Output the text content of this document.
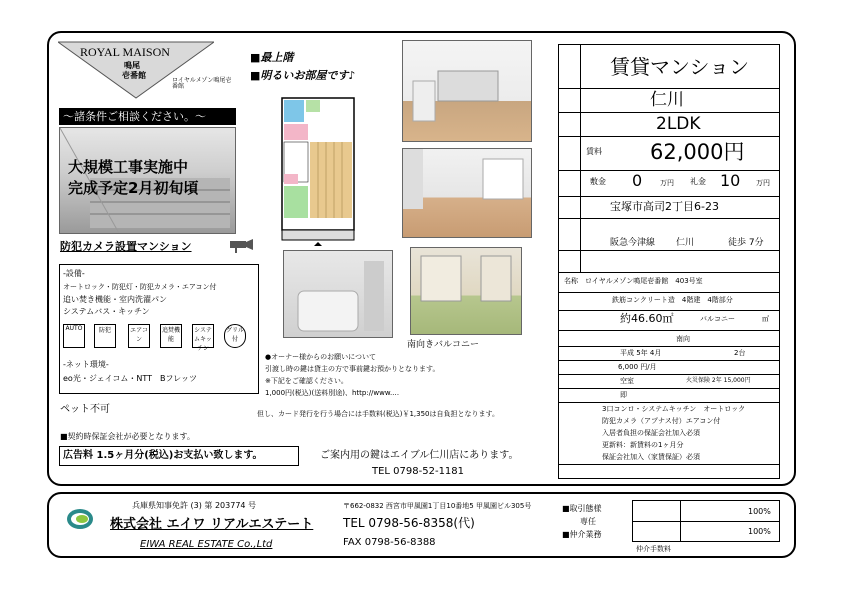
ROYAL MAISON
鳴尾
壱番館
ロイヤルメゾン鳴尾壱番館
～諸条件ご相談ください。～
大規模工事実施中
完成予定2月初旬頃
防犯カメラ設置マンション
-設備-
オートロック・防犯灯・防犯カメラ・エアコン付
追い焚き機能・室内洗濯パン
システムバス・キッチン
AUTO	防犯	エアコン
追焚機能
システムキッチン
グリル付
-ネット環境-
eo光・ジェイコム・NTT　Bフレッツ
ペット不可
■契約時保証会社が必要となります。
広告料 1.5ヶ月分(税込)お支払い致します。
■最上階
■明るいお部屋です♪
南向きバルコニー
●オーナー様からのお願いについて
引渡し時の鍵は貸主の方で事前鍵お預かりとなります。
※下記をご確認ください。
1,000円(税込)(送料別途)、http://www.…
但し、カード発行を行う場合には手数料(税込)￥1,350は自負担となります。
ご案内用の鍵はエイブル仁川店にあります。
TEL 0798-52-1181
賃貸マンション
仁川
2LDK
賃料 62,000円
敷金 0	万円 礼金 10 万円
宝塚市高司2丁目6-23
阪急今津線 仁川	徒歩 7分
名称　ロイヤルメゾン鳴尾壱番館　403号室
鉄筋コンクリート造　4階建　4階部分
約46.60㎡	バルコニー	㎡
南向
平成 5年 4月	2台
6,000 円/月
空室
即
火災保険 2年 15,000円
3口コンロ・システムキッチン　オートロック
防犯カメラ（アプナス付）エアコン付
入居者負担の保証会社加入必須
更新料：新賃料の1ヶ月分
保証会社加入（家賃保証）必須
兵庫県知事免許 (3) 第 203774 号
株式会社 エイワ リアルエステート
EIWA REAL ESTATE Co.,Ltd
〒662-0832 西宮市甲風園1丁目10番地5 甲風園ビル305号
TEL 0798-56-8358(代)
FAX 0798-56-8388
■取引態様
専任
■仲介業務
仲介手数料
100%
100%
